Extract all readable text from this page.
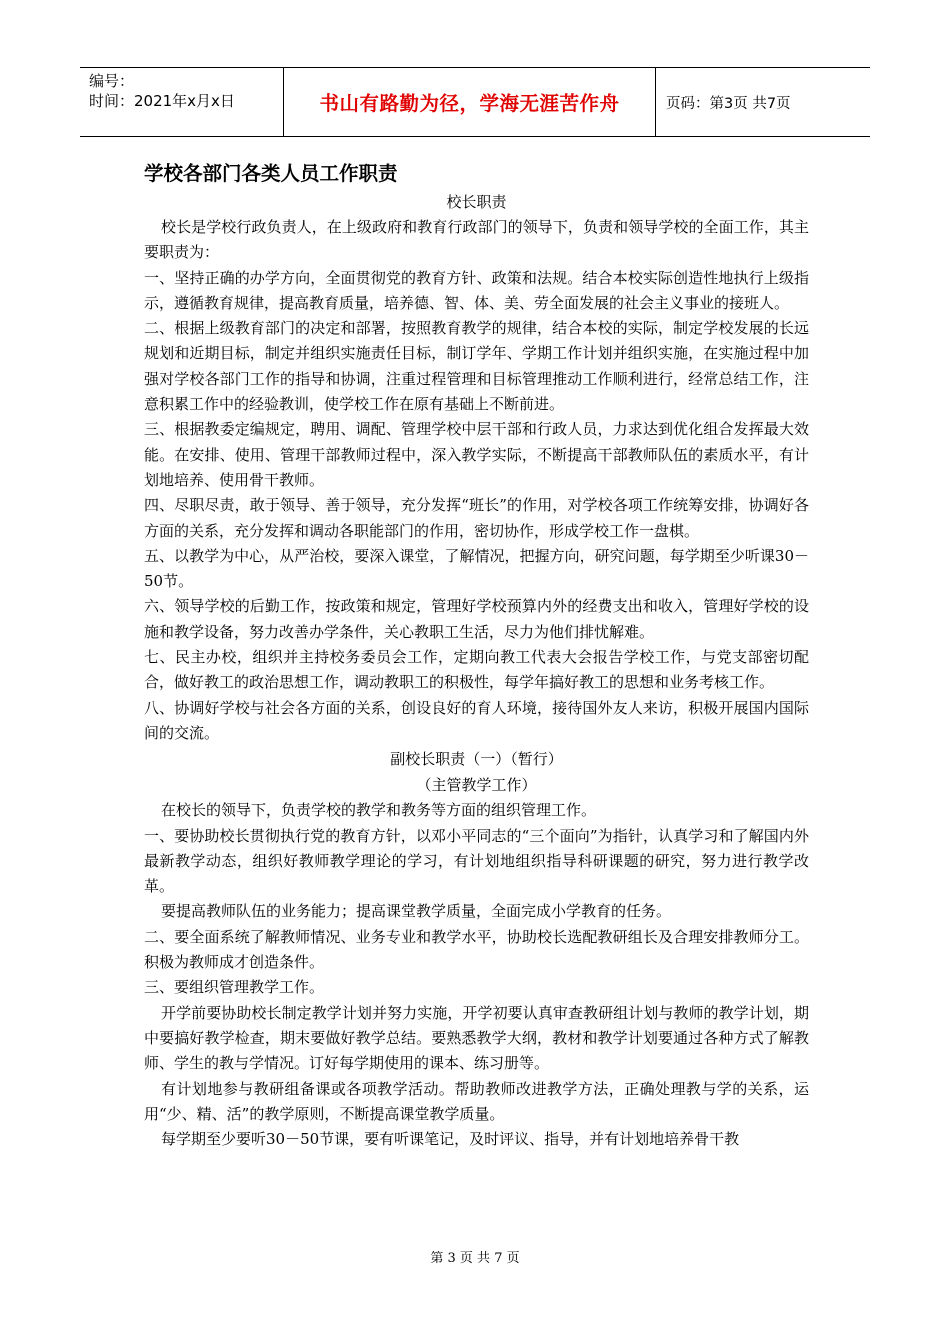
编号：
时间：2021年x月x日	书山有路勤为径，学海无涯苦作舟	页码：第3页 共7页
学校各部门各类人员工作职责

校长职责

校长是学校行政负责人，在上级政府和教育行政部门的领导下，负责和领导学校的全面工作，其主要职责为：

一、坚持正确的办学方向，全面贯彻党的教育方针、政策和法规。结合本校实际创造性地执行上级指示，遵循教育规律，提高教育质量，培养德、智、体、美、劳全面发展的社会主义事业的接班人。

二、根据上级教育部门的决定和部署，按照教育教学的规律，结合本校的实际，制定学校发展的长远规划和近期目标，制定并组织实施责任目标，制订学年、学期工作计划并组织实施，在实施过程中加强对学校各部门工作的指导和协调，注重过程管理和目标管理推动工作顺利进行，经常总结工作，注意积累工作中的经验教训，使学校工作在原有基础上不断前进。

三、根据教委定编规定，聘用、调配、管理学校中层干部和行政人员，力求达到优化组合发挥最大效能。在安排、使用、管理干部教师过程中，深入教学实际，不断提高干部教师队伍的素质水平，有计划地培养、使用骨干教师。

四、尽职尽责，敢于领导、善于领导，充分发挥“班长”的作用，对学校各项工作统筹安排，协调好各方面的关系，充分发挥和调动各职能部门的作用，密切协作，形成学校工作一盘棋。

五、以教学为中心，从严治校，要深入课堂，了解情况，把握方向，研究问题，每学期至少听课30－50节。

六、领导学校的后勤工作，按政策和规定，管理好学校预算内外的经费支出和收入，管理好学校的设施和教学设备，努力改善办学条件，关心教职工生活，尽力为他们排忧解难。

七、民主办校，组织并主持校务委员会工作，定期向教工代表大会报告学校工作，与党支部密切配合，做好教工的政治思想工作，调动教职工的积极性，每学年搞好教工的思想和业务考核工作。

八、协调好学校与社会各方面的关系，创设良好的育人环境，接待国外友人来访，积极开展国内国际间的交流。

副校长职责（一）（暂行）

（主管教学工作）

在校长的领导下，负责学校的教学和教务等方面的组织管理工作。

一、要协助校长贯彻执行党的教育方针，以邓小平同志的“三个面向”为指针，认真学习和了解国内外最新教学动态，组织好教师教学理论的学习，有计划地组织指导科研课题的研究，努力进行教学改革。

要提高教师队伍的业务能力；提高课堂教学质量，全面完成小学教育的任务。

二、要全面系统了解教师情况、业务专业和教学水平，协助校长选配教研组长及合理安排教师分工。积极为教师成才创造条件。

三、要组织管理教学工作。

开学前要协助校长制定教学计划并努力实施，开学初要认真审查教研组计划与教师的教学计划，期中要搞好教学检查，期末要做好教学总结。要熟悉教学大纲，教材和教学计划要通过各种方式了解教师、学生的教与学情况。订好每学期使用的课本、练习册等。

有计划地参与教研组备课或各项教学活动。帮助教师改进教学方法，正确处理教与学的关系，运用“少、精、活”的教学原则，不断提高课堂教学质量。

每学期至少要听30－50节课，要有听课笔记，及时评议、指导，并有计划地培养骨干教

第 3 页 共 7 页
